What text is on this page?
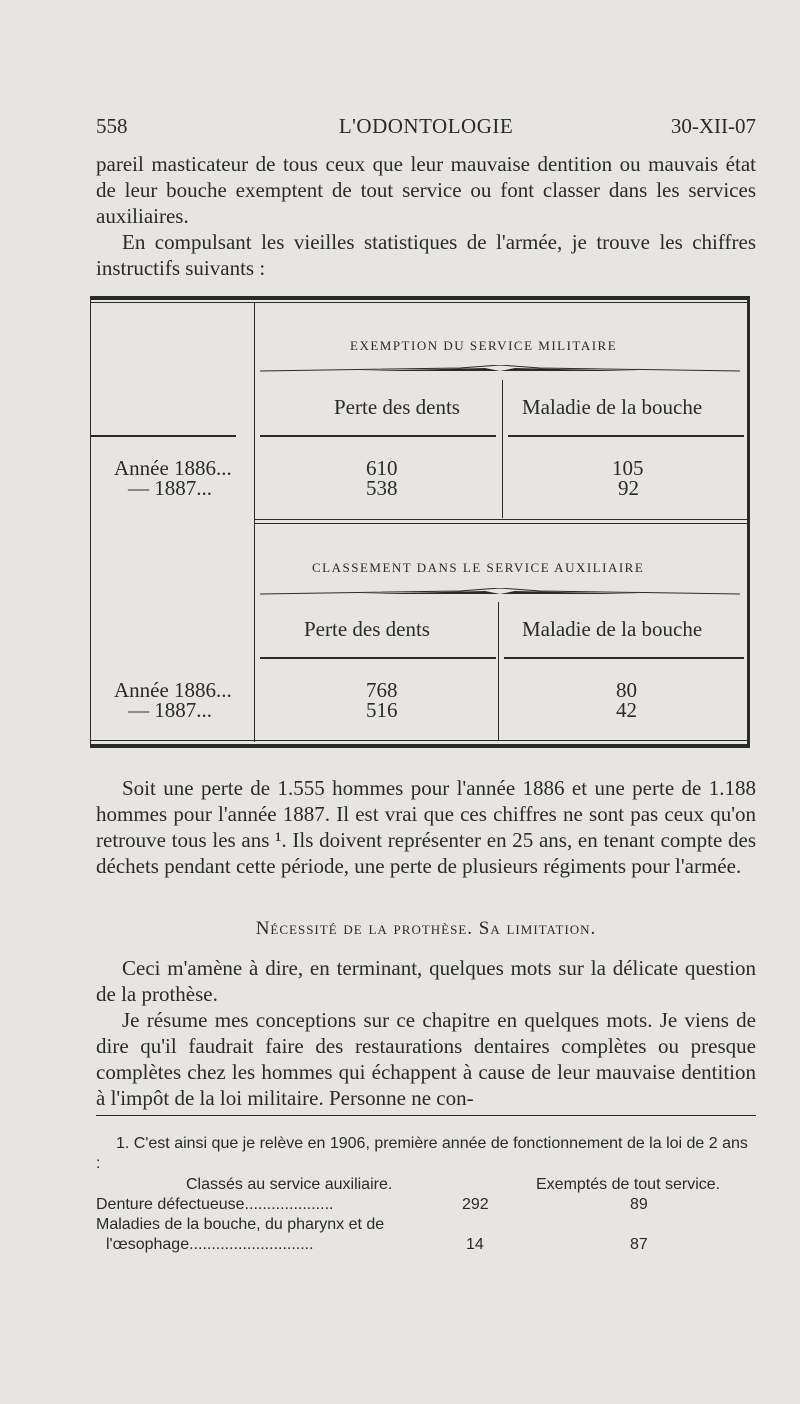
558	L'ODONTOLOGIE	30-XII-07

pareil masticateur de tous ceux que leur mauvaise dentition ou mauvais état de leur bouche exemptent de tout service ou font classer dans les services auxiliaires.

En compulsant les vieilles statistiques de l'armée, je trouve les chiffres instructifs suivants :

EXEMPTION DU SERVICE MILITAIRE
Perte des dents	Maladie de la bouche
Année 1886...	610	105
— 1887...	538	92
CLASSEMENT DANS LE SERVICE AUXILIAIRE
Perte des dents	Maladie de la bouche
Année 1886...	768	80
— 1887...	516	42

Soit une perte de 1.555 hommes pour l'année 1886 et une perte de 1.188 hommes pour l'année 1887. Il est vrai que ces chiffres ne sont pas ceux qu'on retrouve tous les ans ¹. Ils doivent représenter en 25 ans, en tenant compte des déchets pendant cette période, une perte de plusieurs régiments pour l'armée.

Nécessité de la prothèse. Sa limitation.

Ceci m'amène à dire, en terminant, quelques mots sur la délicate question de la prothèse.

Je résume mes conceptions sur ce chapitre en quelques mots. Je viens de dire qu'il faudrait faire des restaurations dentaires complètes ou presque complètes chez les hommes qui échappent à cause de leur mauvaise dentition à l'impôt de la loi militaire. Personne ne con-

1. C'est ainsi que je relève en 1906, première année de fonctionnement de la loi de 2 ans :

Classés au service auxiliaire.	Exemptés de tout service.
Denture défectueuse....................	292	89
Maladies de la bouche, du pharynx et de
l'œsophage............................	14	87
